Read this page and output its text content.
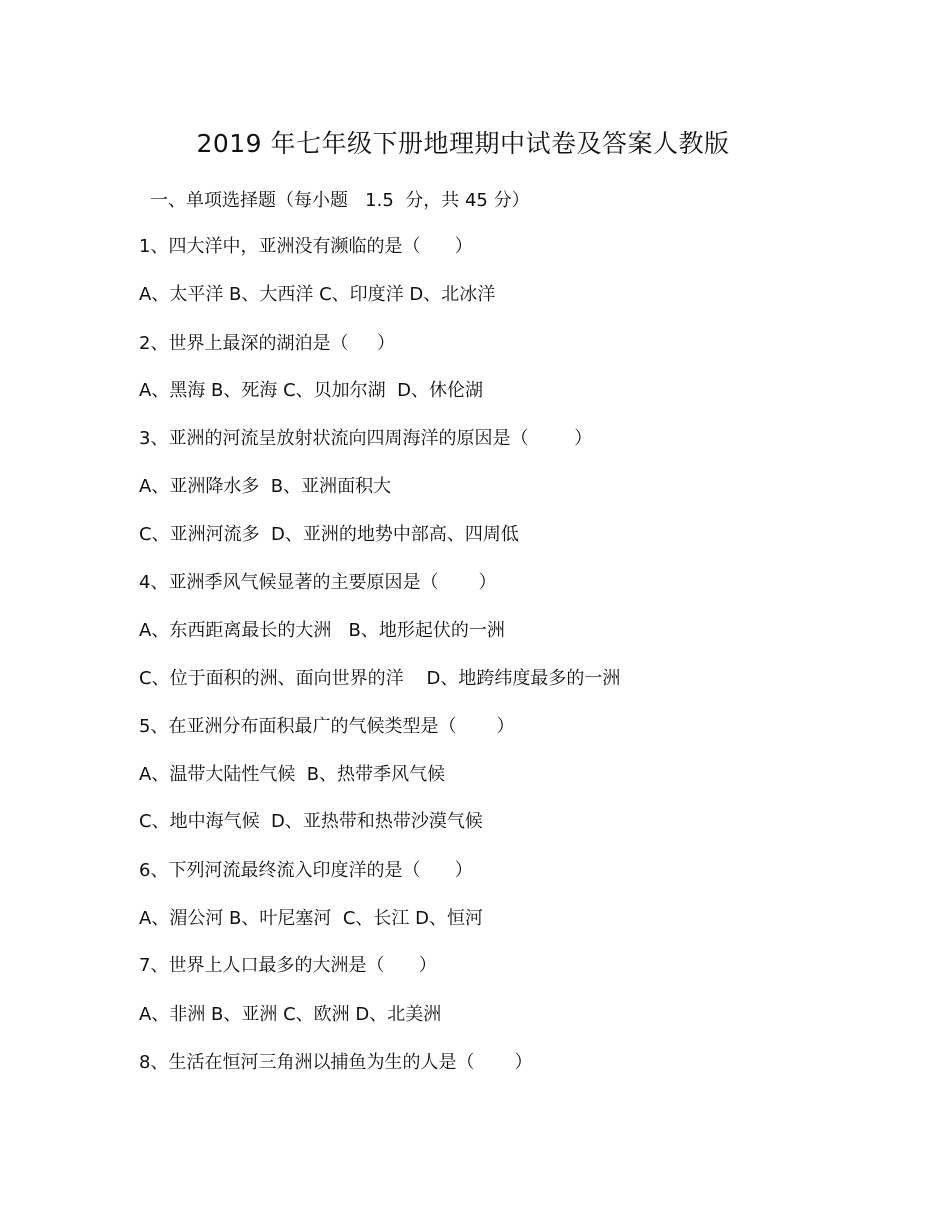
2019 年七年级下册地理期中试卷及答案人教版
一、单项选择题（每小题   1.5  分，共 45 分）
1、四大洋中，亚洲没有濒临的是（      ）
A、太平洋 B、大西洋 C、印度洋 D、北冰洋
2、世界上最深的湖泊是（     ）
A、黑海 B、死海 C、贝加尔湖  D、休伦湖
3、亚洲的河流呈放射状流向四周海洋的原因是（        ）
A、亚洲降水多  B、亚洲面积大
C、亚洲河流多  D、亚洲的地势中部高、四周低
4、亚洲季风气候显著的主要原因是（       ）
A、东西距离最长的大洲   B、地形起伏的一洲
C、位于面积的洲、面向世界的洋    D、地跨纬度最多的一洲
5、在亚洲分布面积最广的气候类型是（       ）
A、温带大陆性气候  B、热带季风气候
C、地中海气候  D、亚热带和热带沙漠气候
6、下列河流最终流入印度洋的是（      ）
A、湄公河 B、叶尼塞河  C、长江 D、恒河
7、世界上人口最多的大洲是（      ）
A、非洲 B、亚洲 C、欧洲 D、北美洲
8、生活在恒河三角洲以捕鱼为生的人是（       ）
